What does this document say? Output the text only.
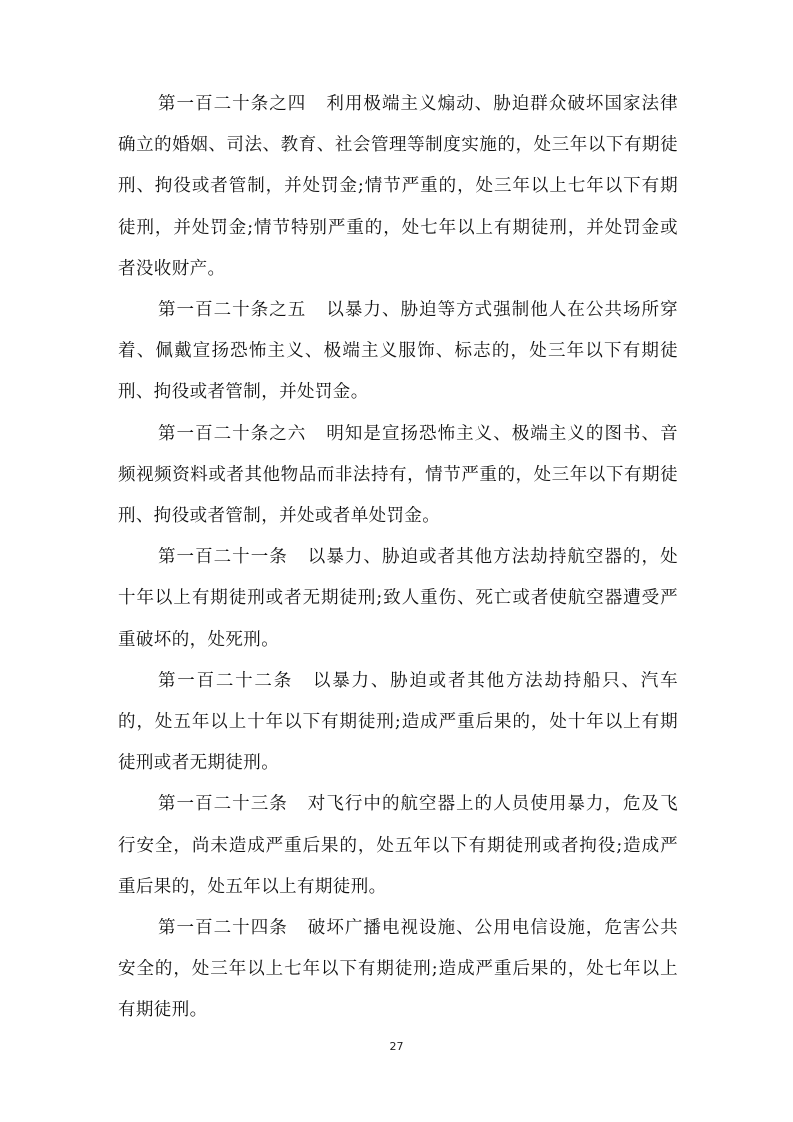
第一百二十条之四 利用极端主义煽动、胁迫群众破坏国家法律确立的婚姻、司法、教育、社会管理等制度实施的，处三年以下有期徒刑、拘役或者管制，并处罚金;情节严重的，处三年以上七年以下有期徒刑，并处罚金;情节特别严重的，处七年以上有期徒刑，并处罚金或者没收财产。

第一百二十条之五 以暴力、胁迫等方式强制他人在公共场所穿着、佩戴宣扬恐怖主义、极端主义服饰、标志的，处三年以下有期徒刑、拘役或者管制，并处罚金。

第一百二十条之六 明知是宣扬恐怖主义、极端主义的图书、音频视频资料或者其他物品而非法持有，情节严重的，处三年以下有期徒刑、拘役或者管制，并处或者单处罚金。

第一百二十一条 以暴力、胁迫或者其他方法劫持航空器的，处十年以上有期徒刑或者无期徒刑;致人重伤、死亡或者使航空器遭受严重破坏的，处死刑。

第一百二十二条 以暴力、胁迫或者其他方法劫持船只、汽车的，处五年以上十年以下有期徒刑;造成严重后果的，处十年以上有期徒刑或者无期徒刑。

第一百二十三条 对飞行中的航空器上的人员使用暴力，危及飞行安全，尚未造成严重后果的，处五年以下有期徒刑或者拘役;造成严重后果的，处五年以上有期徒刑。

第一百二十四条 破坏广播电视设施、公用电信设施，危害公共安全的，处三年以上七年以下有期徒刑;造成严重后果的，处七年以上有期徒刑。

27
